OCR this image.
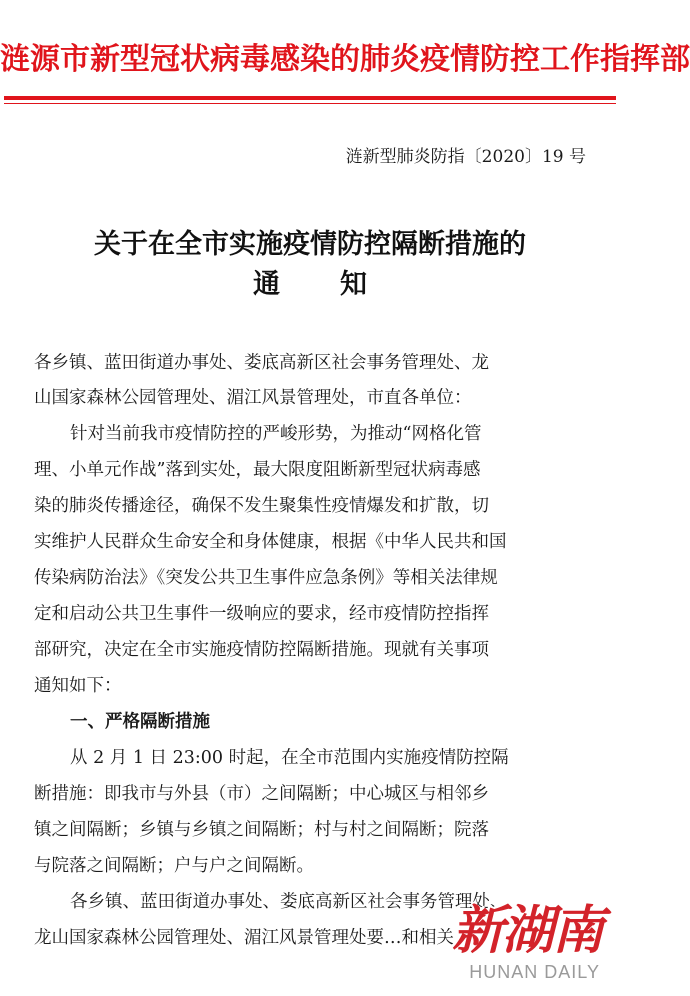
涟源市新型冠状病毒感染的肺炎疫情防控工作指挥部
涟新型肺炎防指〔2020〕19 号
关于在全市实施疫情防控隔断措施的
通 知
各乡镇、蓝田街道办事处、娄底高新区社会事务管理处、龙
山国家森林公园管理处、湄江风景管理处，市直各单位：
针对当前我市疫情防控的严峻形势，为推动“网格化管
理、小单元作战”落到实处，最大限度阻断新型冠状病毒感
染的肺炎传播途径，确保不发生聚集性疫情爆发和扩散，切
实维护人民群众生命安全和身体健康，根据《中华人民共和国
传染病防治法》《突发公共卫生事件应急条例》等相关法律规
定和启动公共卫生事件一级响应的要求，经市疫情防控指挥
部研究，决定在全市实施疫情防控隔断措施。现就有关事项
通知如下：
一、严格隔断措施
从 2 月 1 日 23:00 时起，在全市范围内实施疫情防控隔
断措施：即我市与外县（市）之间隔断；中心城区与相邻乡
镇之间隔断；乡镇与乡镇之间隔断；村与村之间隔断；院落
与院落之间隔断；户与户之间隔断。
各乡镇、蓝田街道办事处、娄底高新区社会事务管理处、
龙山国家森林公园管理处、湄江风景管理处要…和相关
新湖南
HUNAN DAILY
